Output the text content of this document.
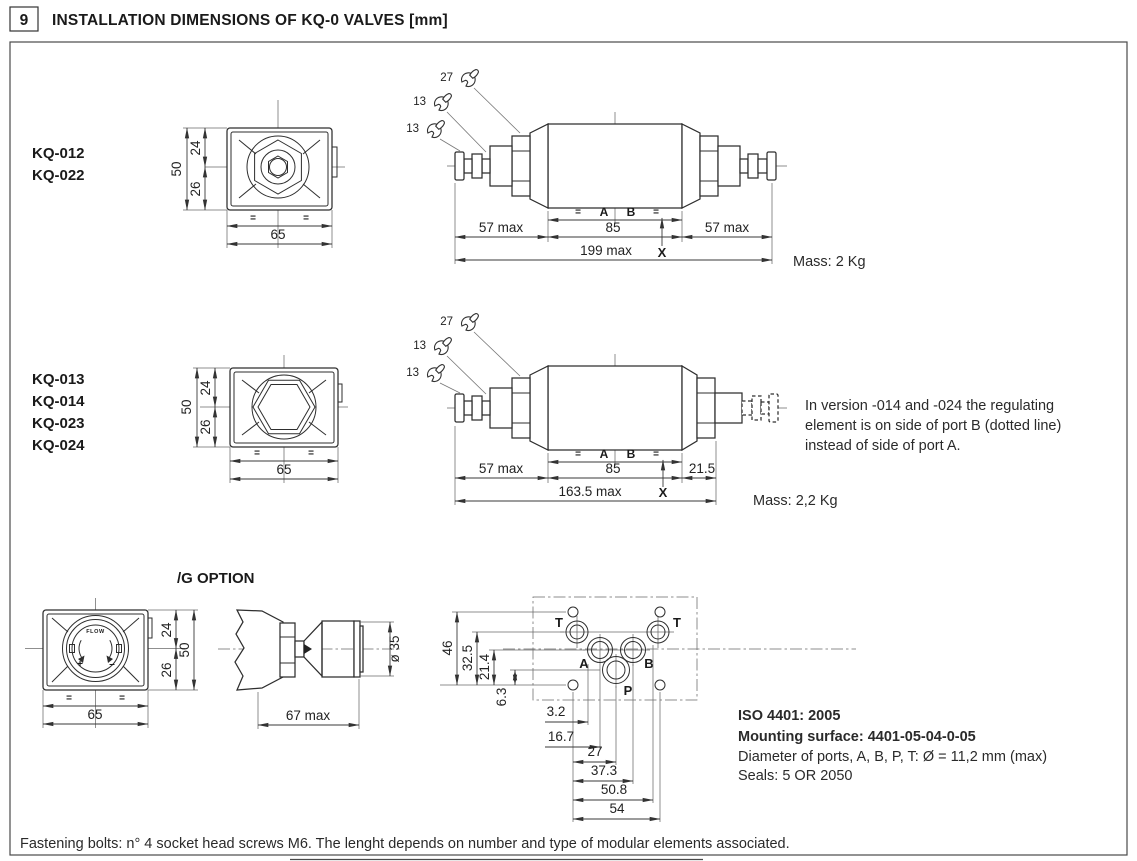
9 INSTALLATION DIMENSIONS OF KQ-0 VALVES [mm]
KQ-012
KQ-022	50
24
26
=	=
65
27
13
13
= A B =
X
57 max	85	57 max
199 max
Mass: 2 Kg
KQ-013
KQ-014
KQ-023
KQ-024
50
24
26
=	=
65
27
13
13
= A B =
X
57 max	85	21.5
163.5 max
Mass: 2,2 Kg
In version -014 and -024 the regulating
element is on side of port B (dotted line)
instead of side of port A.
/G OPTION
FLOW
+	–
24
26
50
=	=
65
ø 35
67 max
T	T
A	B
P
46 32.5 21.4
6.3
3.2
16.7
27
37.3
50.8
54
ISO 4401: 2005
Mounting surface: 4401-05-04-0-05
Diameter of ports, A, B, P, T: Ø = 11,2 mm (max)
Seals: 5 OR 2050
Fastening bolts: n° 4 socket head screws M6. The lenght depends on number and type of modular elements associated.
